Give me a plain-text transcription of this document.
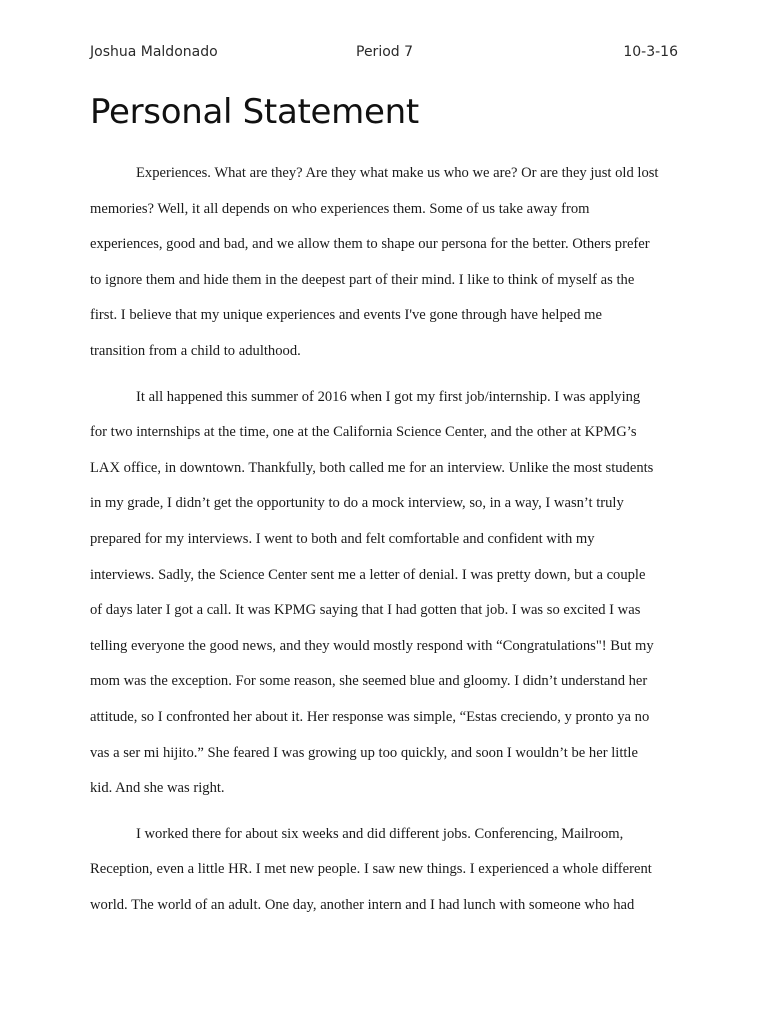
Joshua Maldonado	Period 7	10-3-16
Personal Statement
Experiences. What are they? Are they what make us who we are? Or are they just old lost
memories? Well, it all depends on who experiences them. Some of us take away from
experiences, good and bad, and we allow them to shape our persona for the better. Others prefer
to ignore them and hide them in the deepest part of their mind. I like to think of myself as the
first. I believe that my unique experiences and events I've gone through have helped me
transition from a child to adulthood.
It all happened this summer of 2016 when I got my first job/internship. I was applying
for two internships at the time, one at the California Science Center, and the other at KPMG’s
LAX office, in downtown. Thankfully, both called me for an interview. Unlike the most students
in my grade, I didn’t get the opportunity to do a mock interview, so, in a way, I wasn’t truly
prepared for my interviews. I went to both and felt comfortable and confident with my
interviews. Sadly, the Science Center sent me a letter of denial. I was pretty down, but a couple
of days later I got a call. It was KPMG saying that I had gotten that job. I was so excited I was
telling everyone the good news, and they would mostly respond with “Congratulations"! But my
mom was the exception. For some reason, she seemed blue and gloomy. I didn’t understand her
attitude, so I confronted her about it. Her response was simple, “Estas creciendo, y pronto ya no
vas a ser mi hijito.” She feared I was growing up too quickly, and soon I wouldn’t be her little
kid. And she was right.
I worked there for about six weeks and did different jobs. Conferencing, Mailroom,
Reception, even a little HR. I met new people. I saw new things. I experienced a whole different
world. The world of an adult. One day, another intern and I had lunch with someone who had
